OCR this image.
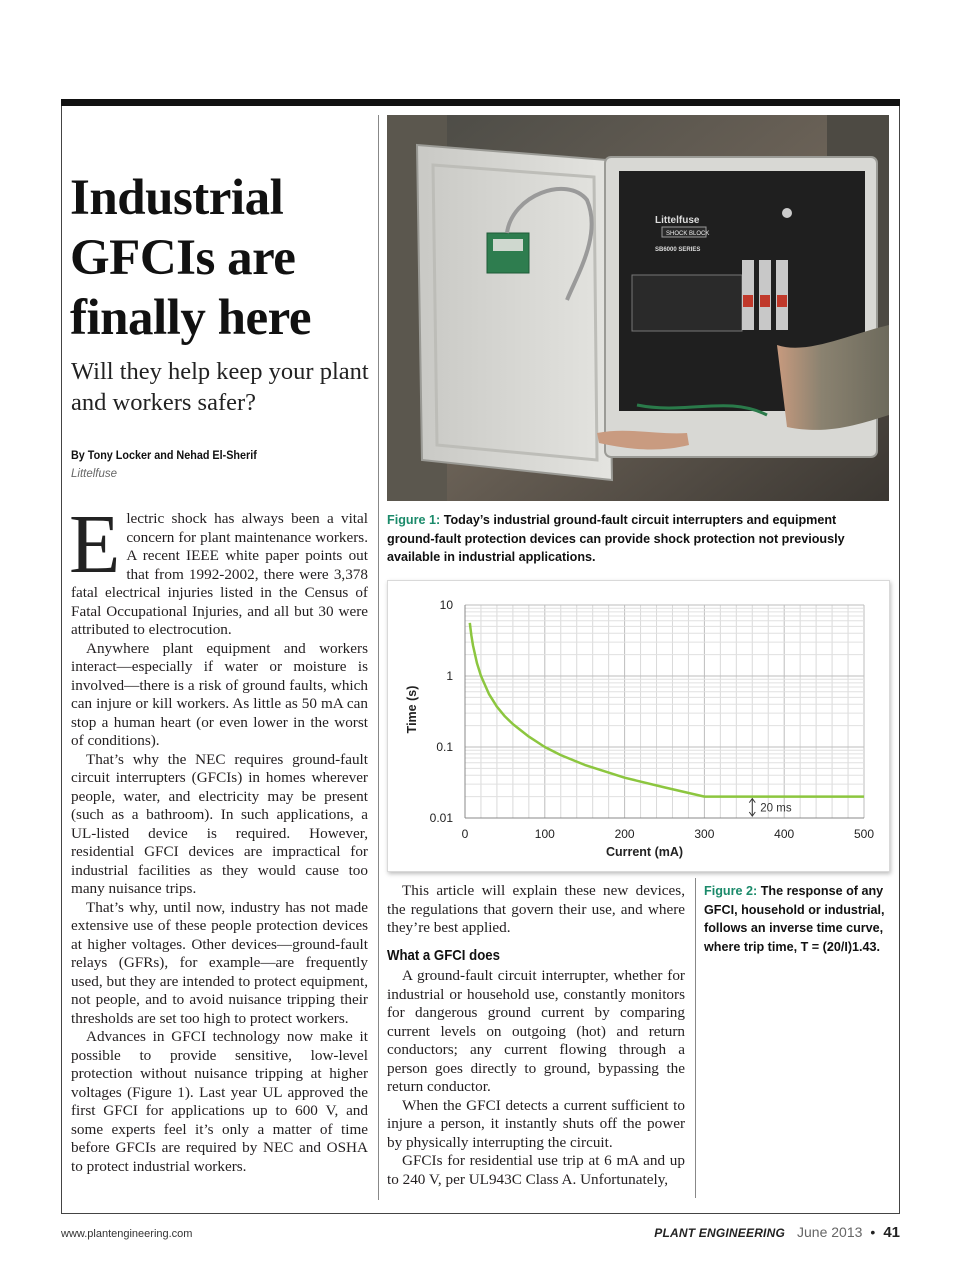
Industrial GFCIs are finally here
Will they help keep your plant and workers safer?
By Tony Locker and Nehad El-Sherif
Littelfuse

Electric shock has always been a vital concern for plant maintenance workers. A recent IEEE white paper points out that from 1992-2002, there were 3,378 fatal electrical injuries listed in the Census of Fatal Occupational Injuries, and all but 30 were attributed to electrocution.

Anywhere plant equipment and workers interact—especially if water or moisture is involved—there is a risk of ground faults, which can injure or kill workers. As little as 50 mA can stop a human heart (or even lower in the worst of conditions).

That’s why the NEC requires ground-fault circuit interrupters (GFCIs) in homes wherever people, water, and electricity may be present (such as a bathroom). In such applications, a UL-listed device is required. However, residential GFCI devices are impractical for industrial facilities as they would cause too many nuisance trips.

That’s why, until now, industry has not made extensive use of these people protection devices at higher voltages. Other devices—ground-fault relays (GFRs), for example—are frequently used, but they are intended to protect equipment, not people, and to avoid nuisance tripping their thresholds are set too high to protect workers.

Advances in GFCI technology now make it possible to provide sensitive, low-level protection without nuisance tripping at higher voltages (Figure 1). Last year UL approved the first GFCI for applications up to 600 V, and some experts feel it’s only a matter of time before GFCIs are required by NEC and OSHA to protect industrial workers.

Littelfuse
SHOCK BLOCK
SB6000 SERIES
Figure 1: Today’s industrial ground-fault circuit interrupters and equipment ground-fault protection devices can provide shock protection not previously available in industrial applications.
0	100	200	300	400	500
0.01
0.1
1
10
Current (mA)
Time (s)
20 ms

This article will explain these new devices, the regulations that govern their use, and where they’re best applied.

What a GFCI does

A ground-fault circuit interrupter, whether for industrial or household use, constantly monitors for dangerous ground current by comparing current levels on outgoing (hot) and return conductors; any current flowing through a person goes directly to ground, bypassing the return conductor.

When the GFCI detects a current sufficient to injure a person, it instantly shuts off the power by physically interrupting the circuit.

GFCIs for residential use trip at 6 mA and up to 240 V, per UL943C Class A. Unfortunately,

Figure 2: The response of any GFCI, household or industrial, follows an inverse time curve, where trip time, T = (20/I)1.43.
www.plantengineering.com	PLANT ENGINEERING June 2013 • 41
